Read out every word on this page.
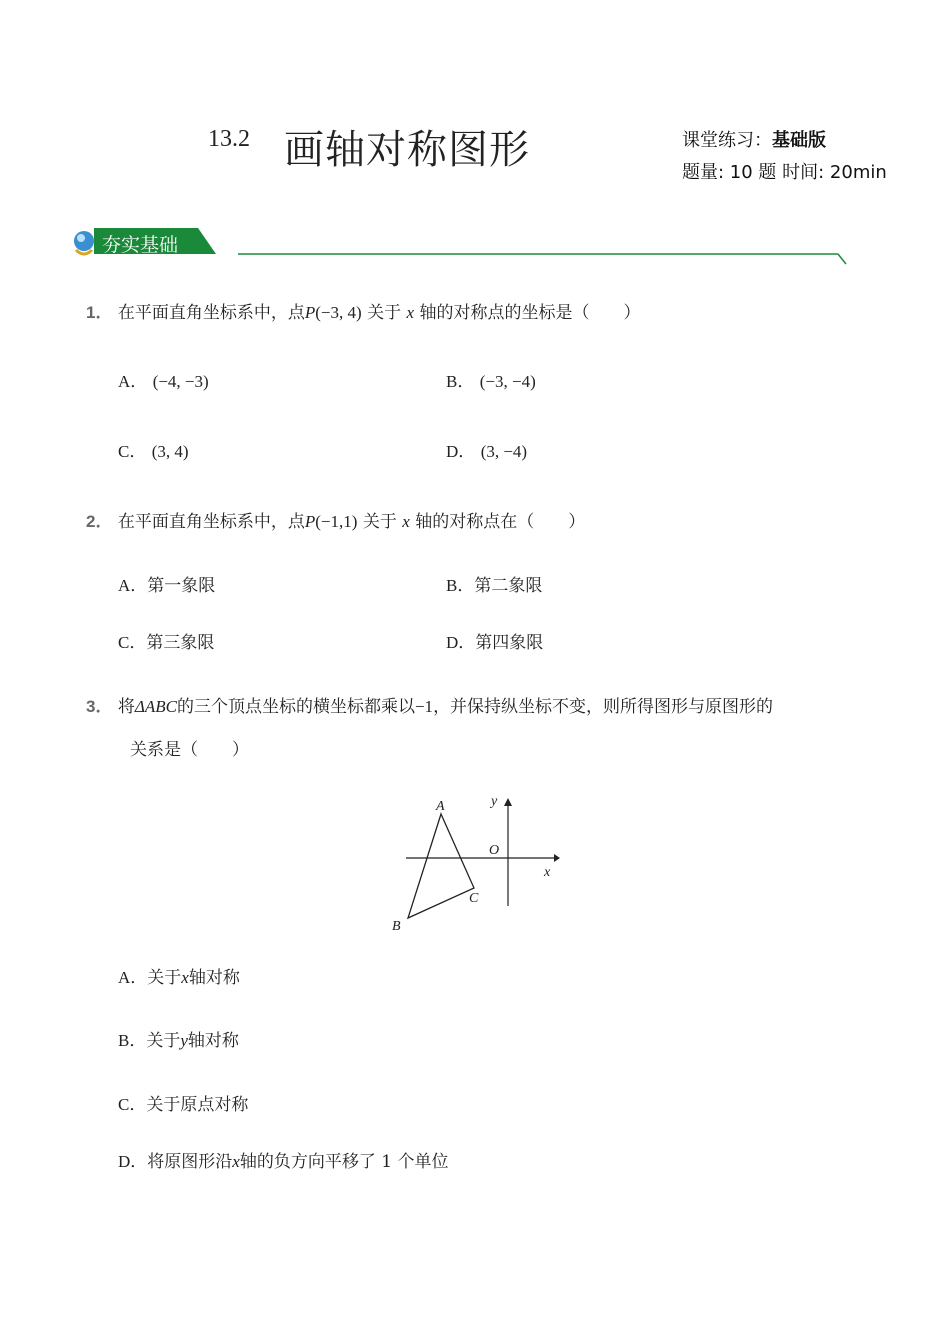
13.2 画轴对称图形	课堂练习：基础版
题量: 10 题 时间: 20min
夯实基础
1． 在平面直角坐标系中，点P(−3, 4) 关于 x 轴的对称点的坐标是（　　）
A． (−4, −3)	B． (−3, −4)
C． (3, 4)	D． (3, −4)
2． 在平面直角坐标系中，点P(−1,1) 关于 x 轴的对称点在（　　）
A．第一象限	B．第二象限
C．第三象限	D．第四象限
3． 将ΔABC的三个顶点坐标的横坐标都乘以−1，并保持纵坐标不变，则所得图形与原图形的
关系是（　　）
A
B
C
O
x
y
A．关于x轴对称
B．关于y轴对称
C．关于原点对称
D．将原图形沿x轴的负方向平移了 1 个单位
